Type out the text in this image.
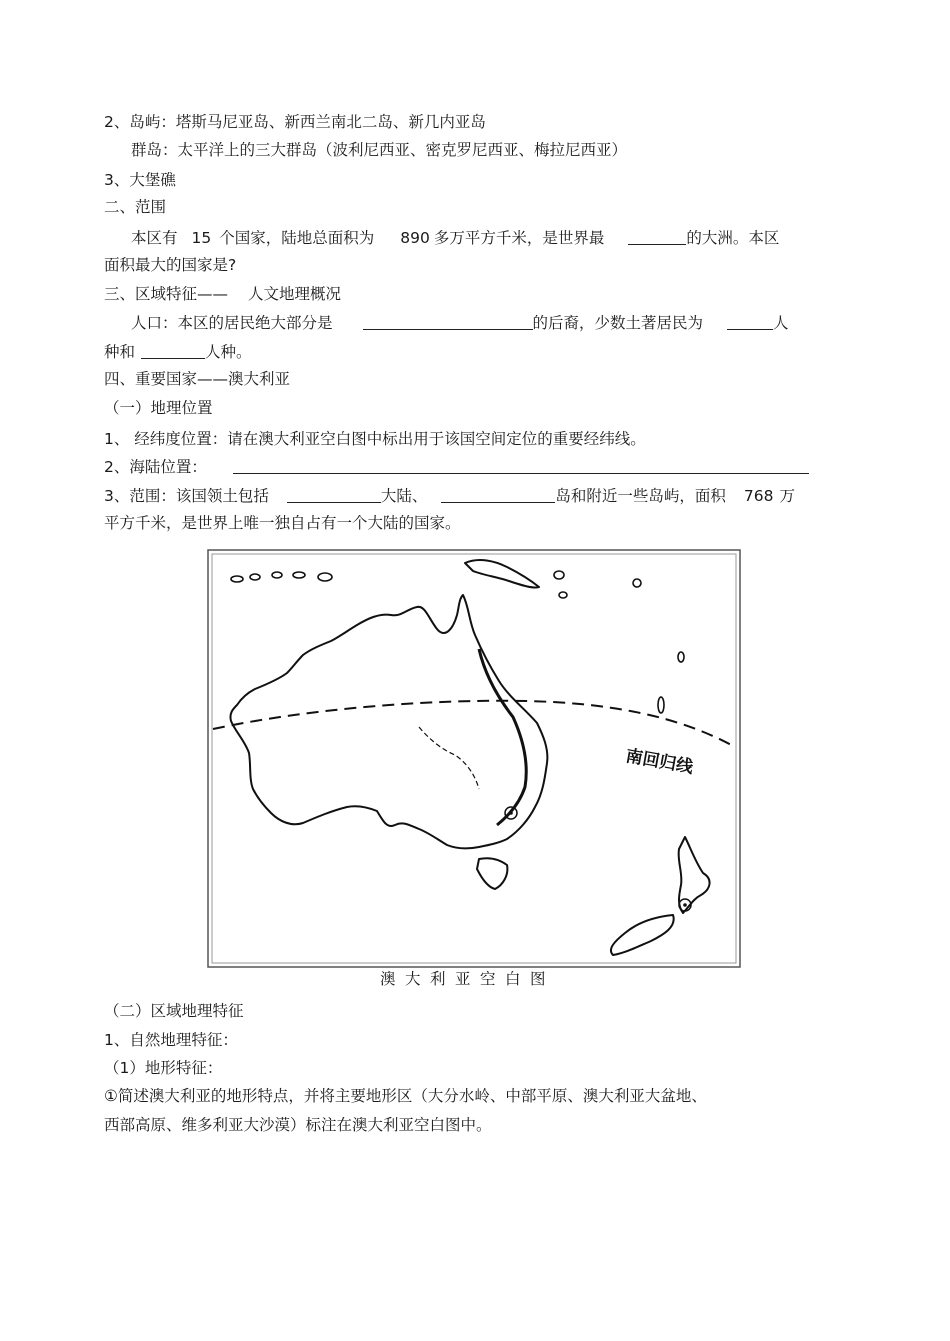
2、岛屿：塔斯马尼亚岛、新西兰南北二岛、新几内亚岛
群岛：太平洋上的三大群岛（波利尼西亚、密克罗尼西亚、梅拉尼西亚）
3、大堡礁
二、范围
本区有 15 个国家，陆地总面积为 890 多万平方千米，是世界最	的大洲。本区
面积最大的国家是?
三、区域特征—— 人文地理概况
人口：本区的居民绝大部分是	的后裔，少数土著居民为	人
种和	人种。
四、重要国家——澳大利亚
（一）地理位置
1、 经纬度位置：请在澳大利亚空白图中标出用于该国空间定位的重要经纬线。
2、海陆位置：
3、范围：该国领土包括	大陆、	岛和附近一些岛屿，面积 768 万
平方千米，是世界上唯一独自占有一个大陆的国家。
南回归线
澳大利亚空白图
（二）区域地理特征
1、自然地理特征：
（1）地形特征：
①简述澳大利亚的地形特点，并将主要地形区（大分水岭、中部平原、澳大利亚大盆地、
西部高原、维多利亚大沙漠）标注在澳大利亚空白图中。
